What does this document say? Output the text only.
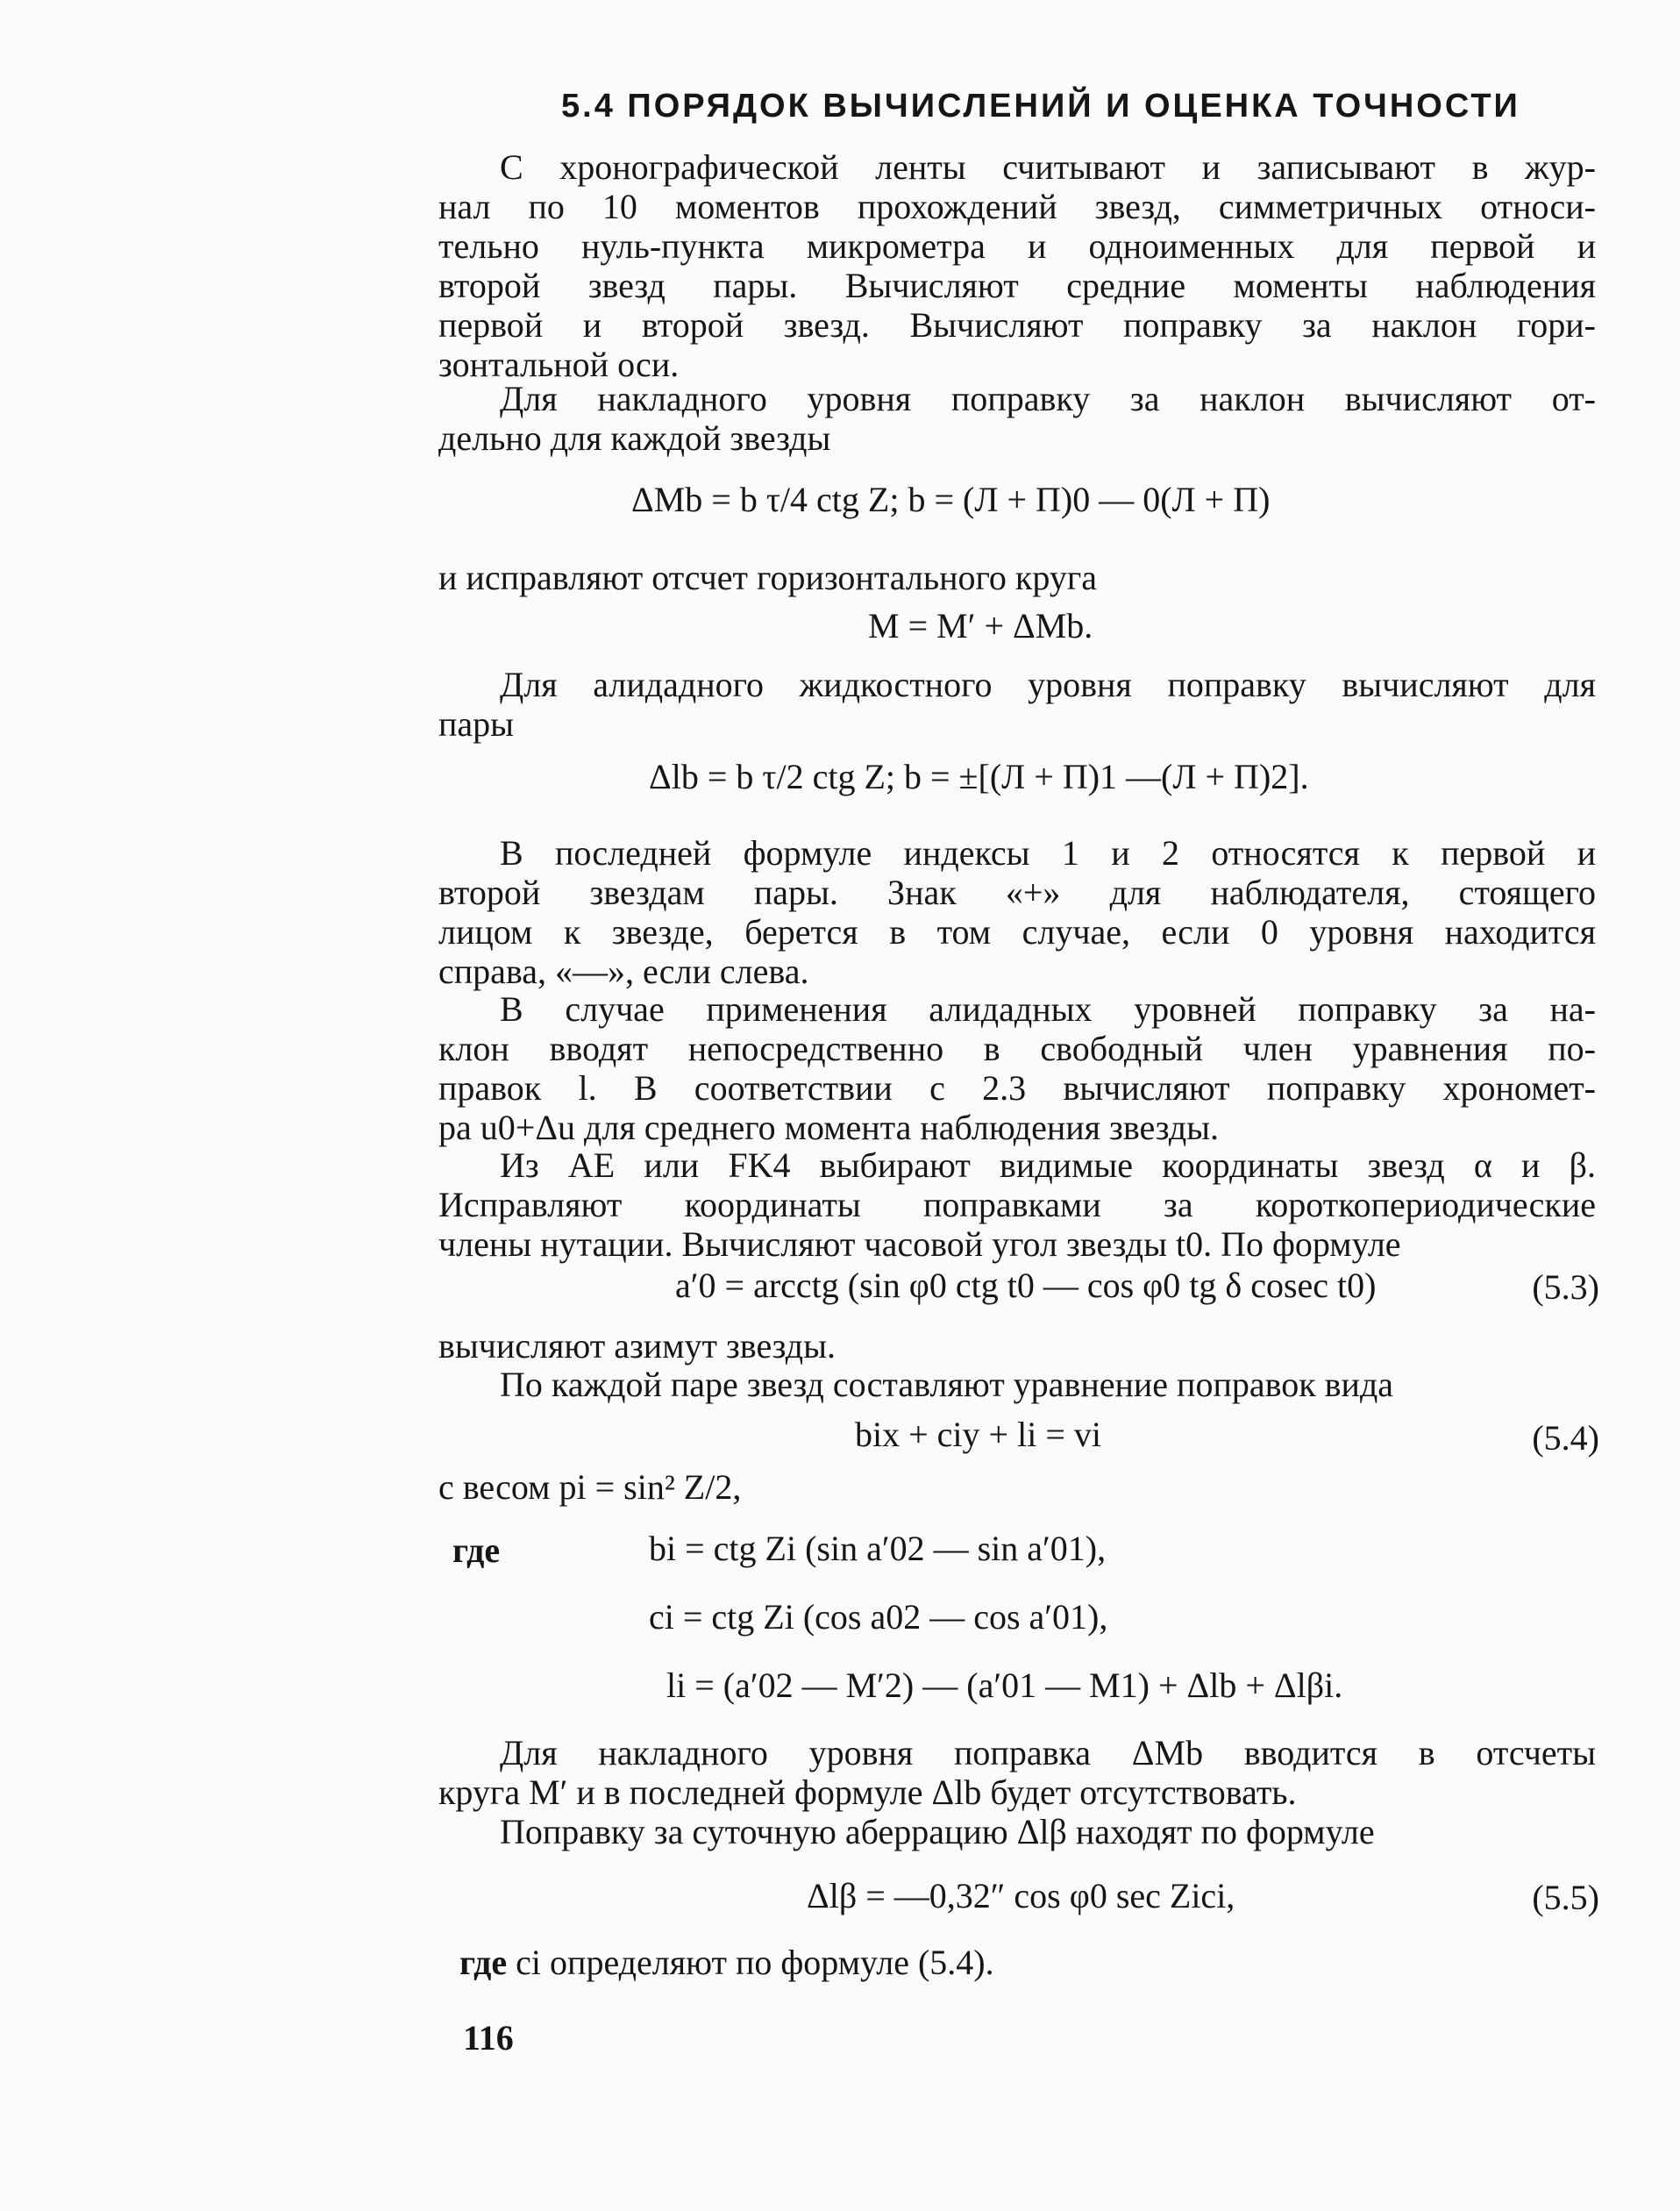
5.4 ПОРЯДОК ВЫЧИСЛЕНИЙ И ОЦЕНКА ТОЧНОСТИ
С хронографической ленты считывают и записывают в жур-
нал по 10 моментов прохождений звезд, симметричных относи-
тельно нуль-пункта микрометра и одноименных для первой и
второй звезд пары. Вычисляют средние моменты наблюдения
первой и второй звезд. Вычисляют поправку за наклон гори-
зонтальной оси.
Для накладного уровня поправку за наклон вычисляют от-
дельно для каждой звезды
ΔMb = b τ/4 ctg Z; b = (Л + П)0 — 0(Л + П)
и исправляют отсчет горизонтального круга
M = M′ + ΔMb.
Для алидадного жидкостного уровня поправку вычисляют для
пары
Δlb = b τ/2 ctg Z; b = ±[(Л + П)1 —(Л + П)2].
В последней формуле индексы 1 и 2 относятся к первой и
второй звездам пары. Знак «+» для наблюдателя, стоящего
лицом к звезде, берется в том случае, если 0 уровня находится
справа, «—», если слева.
В случае применения алидадных уровней поправку за на-
клон вводят непосредственно в свободный член уравнения по-
правок l. В соответствии с 2.3 вычисляют поправку хрономет-
ра u0+Δu для среднего момента наблюдения звезды.
Из АЕ или FK4 выбирают видимые координаты звезд α и β.
Исправляют координаты поправками за короткопериодические
члены нутации. Вычисляют часовой угол звезды t0. По формуле
a′0 = arcctg (sin φ0 ctg t0 — cos φ0 tg δ cosec t0)	(5.3)
вычисляют азимут звезды.
По каждой паре звезд составляют уравнение поправок вида
bix + ciy + li = vi	(5.4)
с весом pi = sin² Z/2,
где	bi = ctg Zi (sin a′02 — sin a′01),
ci = ctg Zi (cos a02 — cos a′01),
li = (a′02 — M′2) — (a′01 — M1) + Δlb + Δlβi.
Для накладного уровня поправка ΔMb вводится в отсчеты
круга M′ и в последней формуле Δlb будет отсутствовать.
Поправку за суточную аберрацию Δlβ находят по формуле
Δlβ = —0,32″ cos φ0 sec Zici,	(5.5)
где ci определяют по формуле (5.4).
116
